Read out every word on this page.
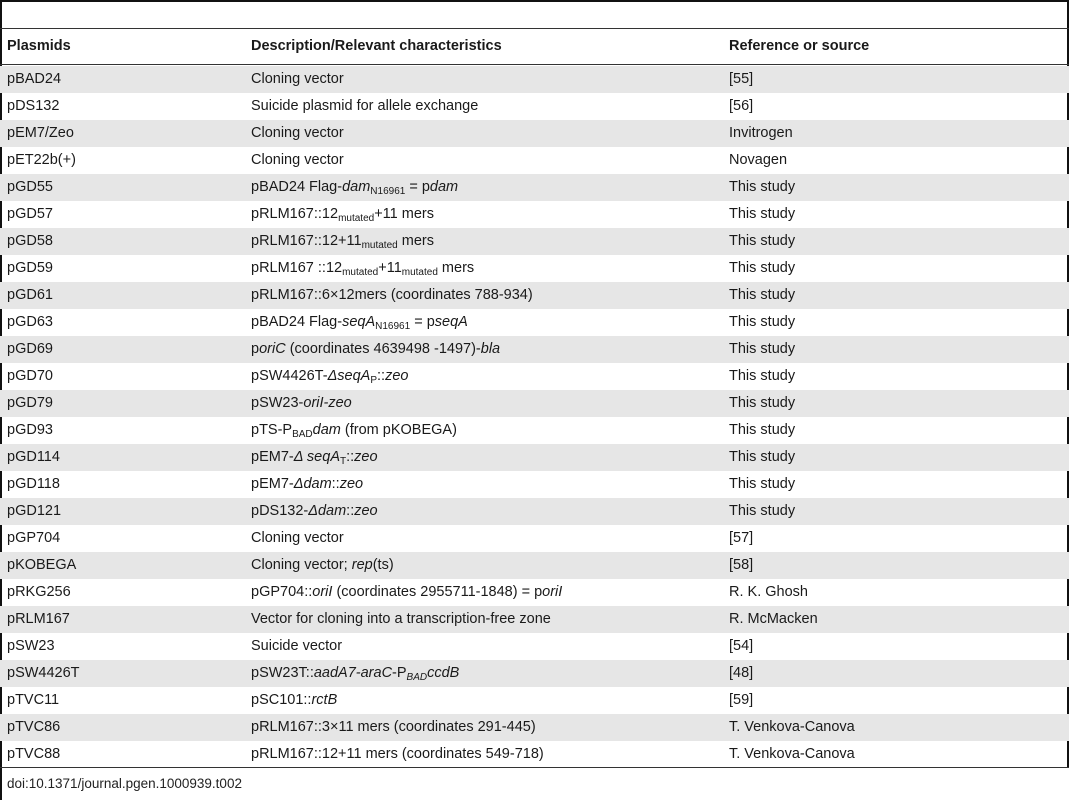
Plasmids	Description/Relevant characteristics	Reference or source
pBAD24	Cloning vector	[55]
pDS132	Suicide plasmid for allele exchange	[56]
pEM7/Zeo	Cloning vector	Invitrogen
pET22b(+)	Cloning vector	Novagen
pGD55	pBAD24 Flag-dam$_{N16961}$ = pdam	This study
pGD57	$pRLM167::12_{mutated}+11$ mers	This study
pGD58	$pRLM167::12+11_{mutated}$ mers	This study
pGD59	pRLM167 $::12_{mutated}+11_{mutated}$ mers	This study
pGD61	pRLM167::6×12mers (coordinates 788-934)	This study
pGD63	pBAD24 Flag-seqA$_{N16961}$ = pseqA	This study
pGD69	poriC (coordinates 4639498 -1497)-bla	This study
pGD70	pSW4426T-ΔseqA$_P$::zeo	This study
pGD79	pSW23-oriI-zeo	This study
pGD93	pTS-$P_{BAD}dam$ (from pKOBEGA)	This study
pGD114	pEM7-Δ seqA$_T$::zeo	This study
pGD118	pEM7-Δdam::zeo	This study
pGD121	pDS132-Δdam::zeo	This study
pGP704	Cloning vector	[57]
pKOBEGA	Cloning vector; rep(ts)	[58]
pRKG256	pGP704::oriI (coordinates 2955711-1848) = poriI	R. K. Ghosh
pRLM167	Vector for cloning into a transcription-free zone	R. McMacken
pSW23	Suicide vector	[54]
pSW4426T	$pSW23T::aadA7-araC-P_{BAD}ccdB$	[48]
pTVC11	pSC101::rctB	[59]
pTVC86	pRLM167::3×11 mers (coordinates 291-445)	T. Venkova-Canova
pTVC88	pRLM167::12+11 mers (coordinates 549-718)	T. Venkova-Canova
doi:10.1371/journal.pgen.1000939.t002
